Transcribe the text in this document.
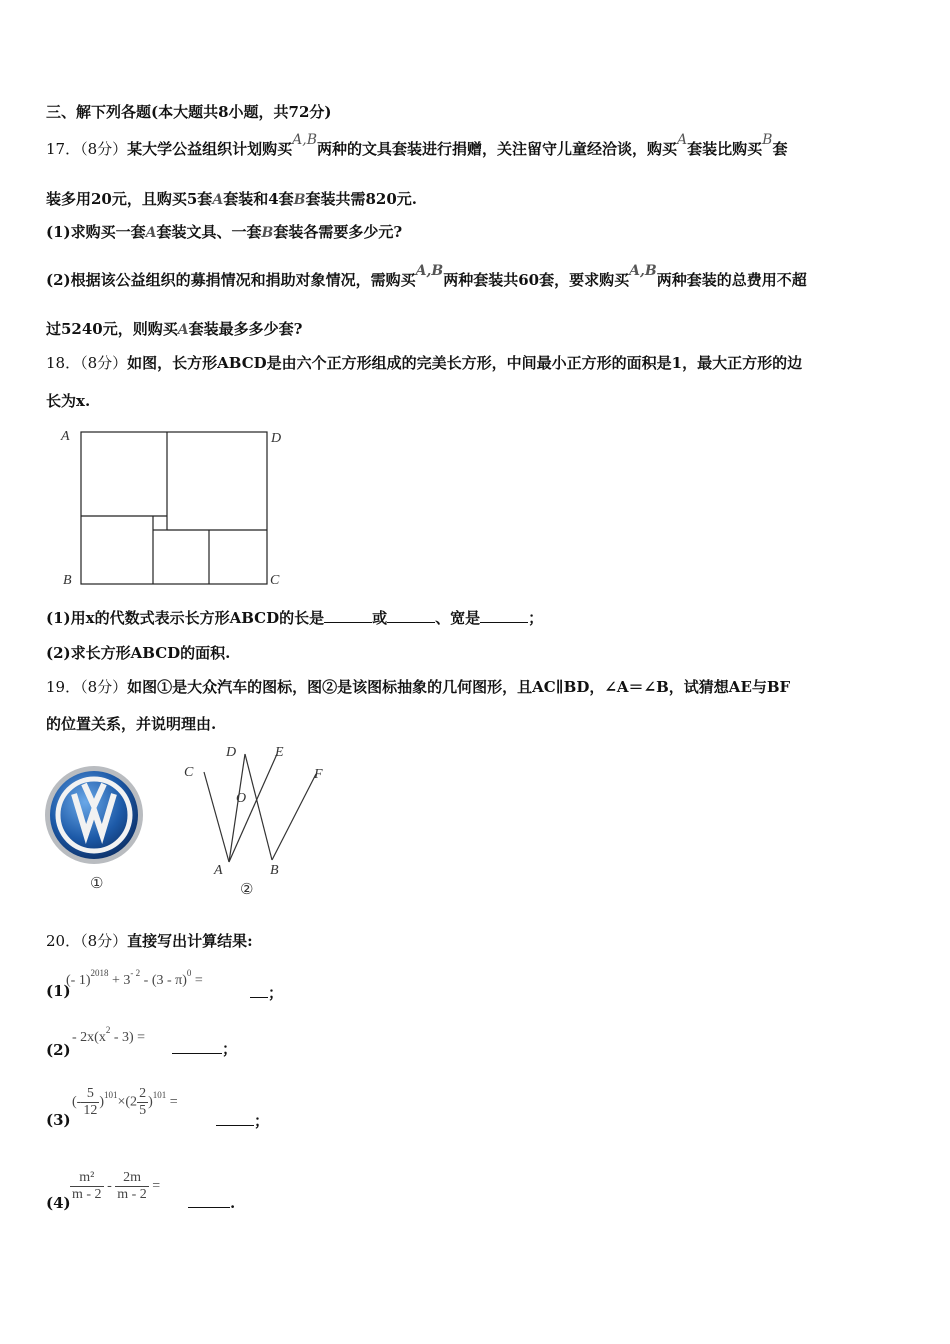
三、解下列各题(本大题共8小题，共72分)
17．（8分）某大学公益组织计划购买A,B两种的文具套装进行捐赠，关注留守儿童经洽谈，购买A套装比购买B套
装多用20元，且购买5套A套装和4套B套装共需820元.
(1)求购买一套A套装文具、一套B套装各需要多少元?
(2)根据该公益组织的募捐情况和捐助对象情况，需购买A,B两种套装共60套，要求购买A,B两种套装的总费用不超
过5240元，则购买A套装最多多少套?
18．（8分）如图，长方形ABCD是由六个正方形组成的完美长方形，中间最小正方形的面积是1，最大正方形的边
长为x.
A	D
B	C
(1)用x的代数式表示长方形ABCD的长是	或	、宽是	；
(2)求长方形ABCD的面积.
19．（8分）如图①是大众汽车的图标，图②是该图标抽象的几何图形，且AC∥BD，∠A＝∠B，试猜想AE与BF
的位置关系，并说明理由.
①
C
D	E
F
O
A	B
②
20．（8分）直接写出计算结果:
(1)
(- $1)^{2018} + 3^{- 2} - (3 - \pi)^0$ =
；
(2)
- $2x(x^2 - 3)$ =
；
(3)
(- $\frac{5}{12} )^{101}\times(2 \frac{2}{5} )^{101}$ =
；
$(4) \frac{\text{m²}}{m - 2} - \frac{2m}{m - 2}$ =
.
